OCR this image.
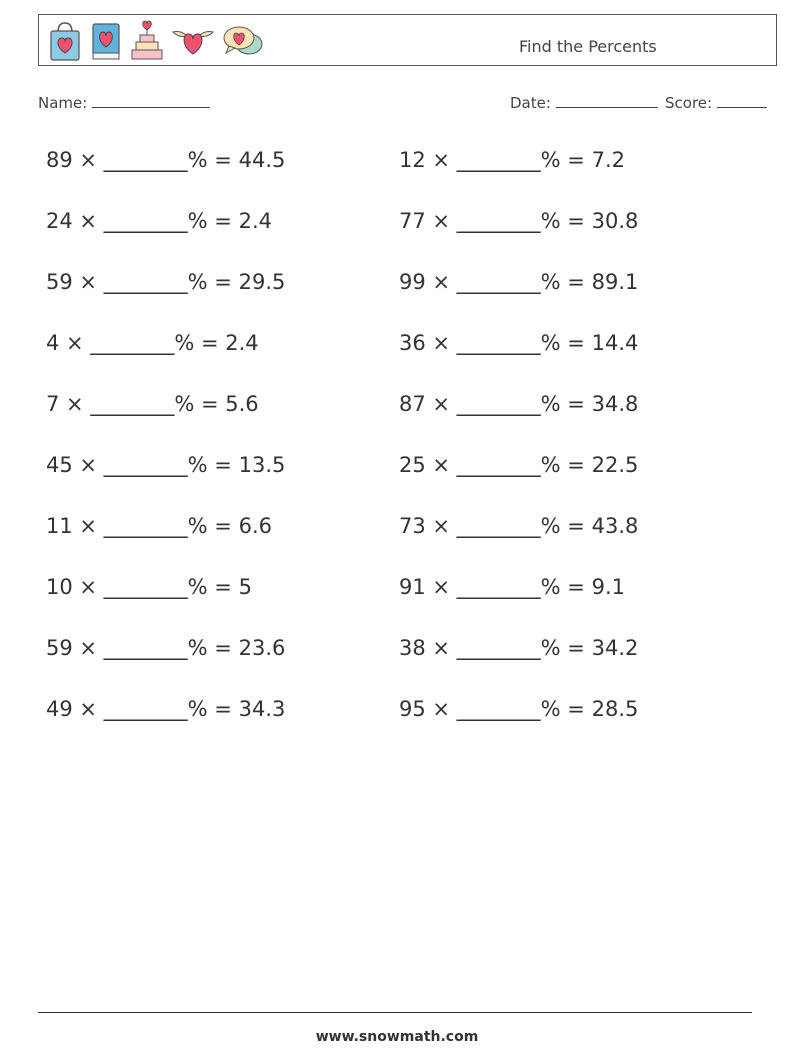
Find the Percents
Name:	Date:	Score:
89 × ________% = 44.5
24 × ________% = 2.4
59 × ________% = 29.5
4 × ________% = 2.4
7 × ________% = 5.6
45 × ________% = 13.5
11 × ________% = 6.6
10 × ________% = 5
59 × ________% = 23.6
49 × ________% = 34.3
12 × ________% = 7.2
77 × ________% = 30.8
99 × ________% = 89.1
36 × ________% = 14.4
87 × ________% = 34.8
25 × ________% = 22.5
73 × ________% = 43.8
91 × ________% = 9.1
38 × ________% = 34.2
95 × ________% = 28.5
www.snowmath.com
